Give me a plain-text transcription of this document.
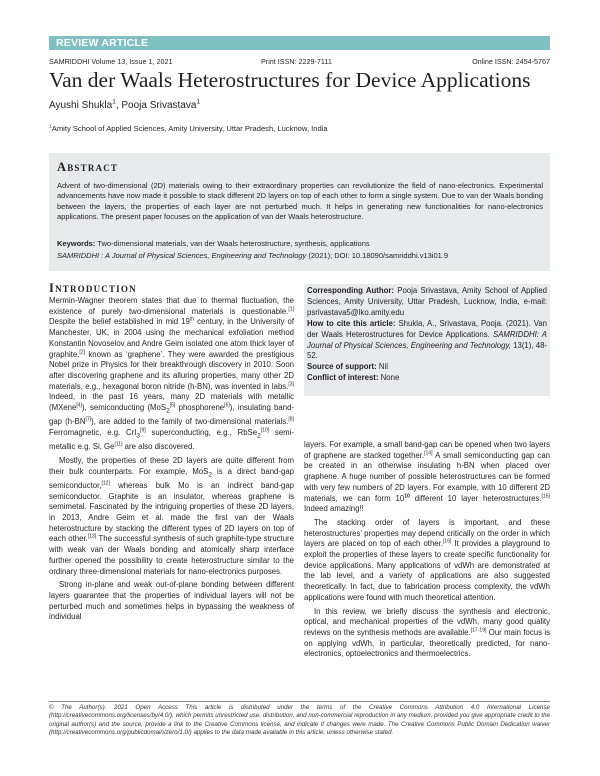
REVIEW ARTICLE
SAMRIDDHI Volume 13, Issue 1, 2021	Print ISSN: 2229-7111	Online ISSN: 2454-5767
Van der Waals Heterostructures for Device Applications
Ayushi Shukla$^1$, Pooja Srivastava$^1$
$^1$Amity School of Applied Sciences, Amity University, Uttar Pradesh, Lucknow, India
Abstract
Advent of two-dimensional (2D) materials owing to their extraordinary properties can revolutionize the field of nano-electronics. Experimental advancements have now made it possible to stack different 2D layers on top of each other to form a single system. Due to van der Waals bonding between the layers, the properties of each layer are not perturbed much. It helps in generating new functionalities for nano-electronics applications. The present paper focuses on the application of van der Waals heterostructure.
Keywords: Two-dimensional materials, van der Waals heterostructure, synthesis, applications
SAMRIDDHI : A Journal of Physical Sciences, Engineering and Technology (2021); DOI: 10.18090/samriddhi.v13i01.9
Introduction

Mermin-Wagner theorem states that due to thermal fluctuation, the existence of purely two-dimensional materials is questionable.[1] Despite the belief established in mid 19th century, in the University of Manchester, UK, in 2004 using the mechanical exfoliation method Konstantin Novoselov and Andre Geim isolated one atom thick layer of graphite,[2] known as ‘graphene’. They were awarded the prestigious Nobel prize in Physics for their breakthrough discovery in 2010. Soon after discovering graphene and its alluring properties, many other 2D materials, e.g., hexagonal boron nitride (h-BN), was invented in labs.[3] Indeed, in the past 16 years, many 2D materials with metallic (MXene[4]), semiconducting (MoS$_2$[5] phosphorene[6]), insulating band-gap (h-BN[7]), are added to the family of two-dimensional materials.[8] Ferromagnetic, e.g. CrI$_3$[9] superconducting, e.g., RbSe$_2$[10] semi-metallic e.g. Si, Ge[11] are also discovered.

Mostly, the properties of these 2D layers are quite different from their bulk counterparts. For example, MoS$_2$ is a direct band-gap semiconductor,[12] whereas bulk Mo is an indirect band-gap semiconductor. Graphite is an insulator, whereas graphene is semimetal. Fascinated by the intriguing properties of these 2D layers, in 2013, Andre Geim et al. made the first van der Waals heterostructure by stacking the different types of 2D layers on top of each other.[13] The successful synthesis of such graphite-type structure with weak van der Waals bonding and atomically sharp interface further opened the possibility to create heterostructure similar to the ordinary three-dimensional materials for nano-electronics purposes.

Strong in-plane and weak out-of-plane bonding between different layers guarantee that the properties of individual layers will not be perturbed much and sometimes helps in bypassing the weakness of individual

Corresponding Author: Pooja Srivastava, Amity School of Applied Sciences, Amity University, Uttar Pradesh, Lucknow, India, e-mail: psrivastava5@lko.amity.edu

How to cite this article: Shukla, A., Srivastava, Pooja. (2021). Van der Waals Heterostructures for Device Applications. SAMRIDDHI: A Journal of Physical Sciences, Engineering and Technology, 13(1), 48-52.

Source of support: Nil

Conflict of interest: None

layers. For example, a small band-gap can be opened when two layers of graphene are stacked together.[14] A small semiconducting gap can be created in an otherwise insulating h-BN when placed over graphene. A huge number of possible heterostructures can be formed with very few numbers of 2D layers. For example, with 10 different 2D materials, we can form $10^{10}$ different 10 layer heterostructures.[15] Indeed amazing!!

The stacking order of layers is important, and these heterostructures’ properties may depend critically on the order in which layers are placed on top of each other.[16] It provides a playground to exploit the properties of these layers to create specific functionality for device applications. Many applications of vdWh are demonstrated at the lab level, and a variety of applications are also suggested theoretically. In fact, due to fabrication process complexity, the vdWh applications were found with much theoretical attention.

In this review, we briefly discuss the synthesis and electronic, optical, and mechanical properties of the vdWh, many good quality reviews on the synthesis methods are available.[17-19] Our main focus is on applying vdWh, in particular, theoretically predicted, for nano-electronics, optoelectronics and thermoelectrics.

© The Author(s). 2021 Open Access This article is distributed under the terms of the Creative Commons Attribution 4.0 International License (http://creativecommons.org/licenses/by/4.0/), which permits unrestricted use, distribution, and non-commercial reproduction in any medium, provided you give appropriate credit to the original author(s) and the source, provide a link to the Creative Commons license, and indicate if changes were made. The Creative Commons Public Domain Dedication waiver (http://creativecommons.org/publicdomain/zero/1.0/) applies to the data made available in this article, unless otherwise stated.
